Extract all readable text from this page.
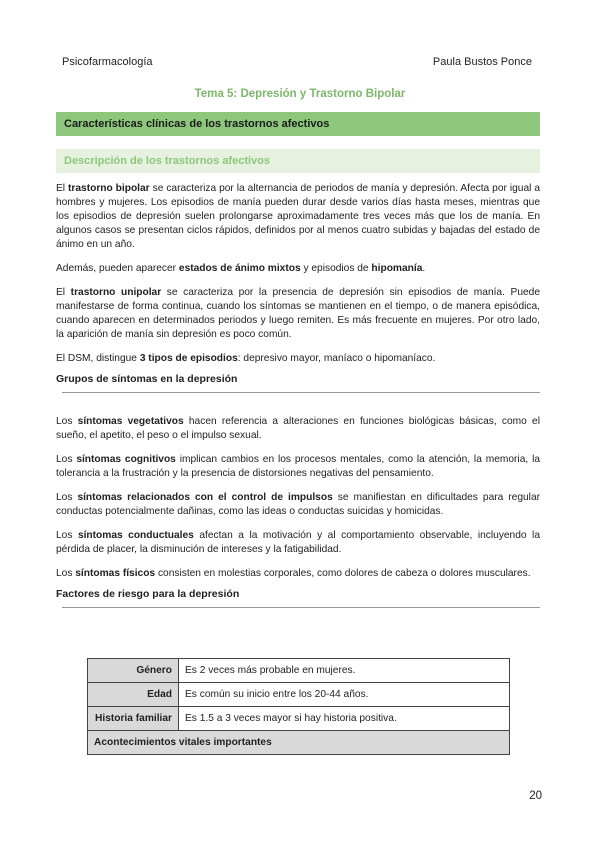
Psicofarmacología	Paula Bustos Ponce
Tema 5: Depresión y Trastorno Bipolar
Características clínicas de los trastornos afectivos
Descripción de los trastornos afectivos

El trastorno bipolar se caracteriza por la alternancia de periodos de manía y depresión. Afecta por igual a hombres y mujeres. Los episodios de manía pueden durar desde varios días hasta meses, mientras que los episodios de depresión suelen prolongarse aproximadamente tres veces más que los de manía. En algunos casos se presentan ciclos rápidos, definidos por al menos cuatro subidas y bajadas del estado de ánimo en un año.

Además, pueden aparecer estados de ánimo mixtos y episodios de hipomanía.

El trastorno unipolar se caracteriza por la presencia de depresión sin episodios de manía. Puede manifestarse de forma continua, cuando los síntomas se mantienen en el tiempo, o de manera episódica, cuando aparecen en determinados periodos y luego remiten. Es más frecuente en mujeres. Por otro lado, la aparición de manía sin depresión es poco común.

El DSM, distingue 3 tipos de episodios: depresivo mayor, maníaco o hipomaníaco.

Grupos de síntomas en la depresión

Los síntomas vegetativos hacen referencia a alteraciones en funciones biológicas básicas, como el sueño, el apetito, el peso o el impulso sexual.

Los síntomas cognitivos implican cambios en los procesos mentales, como la atención, la memoria, la tolerancia a la frustración y la presencia de distorsiones negativas del pensamiento.

Los síntomas relacionados con el control de impulsos se manifiestan en dificultades para regular conductas potencialmente dañinas, como las ideas o conductas suicidas y homicidas.

Los síntomas conductuales afectan a la motivación y al comportamiento observable, incluyendo la pérdida de placer, la disminución de intereses y la fatigabilidad.

Los síntomas físicos consisten en molestias corporales, como dolores de cabeza o dolores musculares.

Factores de riesgo para la depresión
Género	Es 2 veces más probable en mujeres.
Edad	Es común su inicio entre los 20-44 años.
Historia familiar	Es 1.5 a 3 veces mayor si hay historia positiva.
Acontecimientos vitales importantes	
20
